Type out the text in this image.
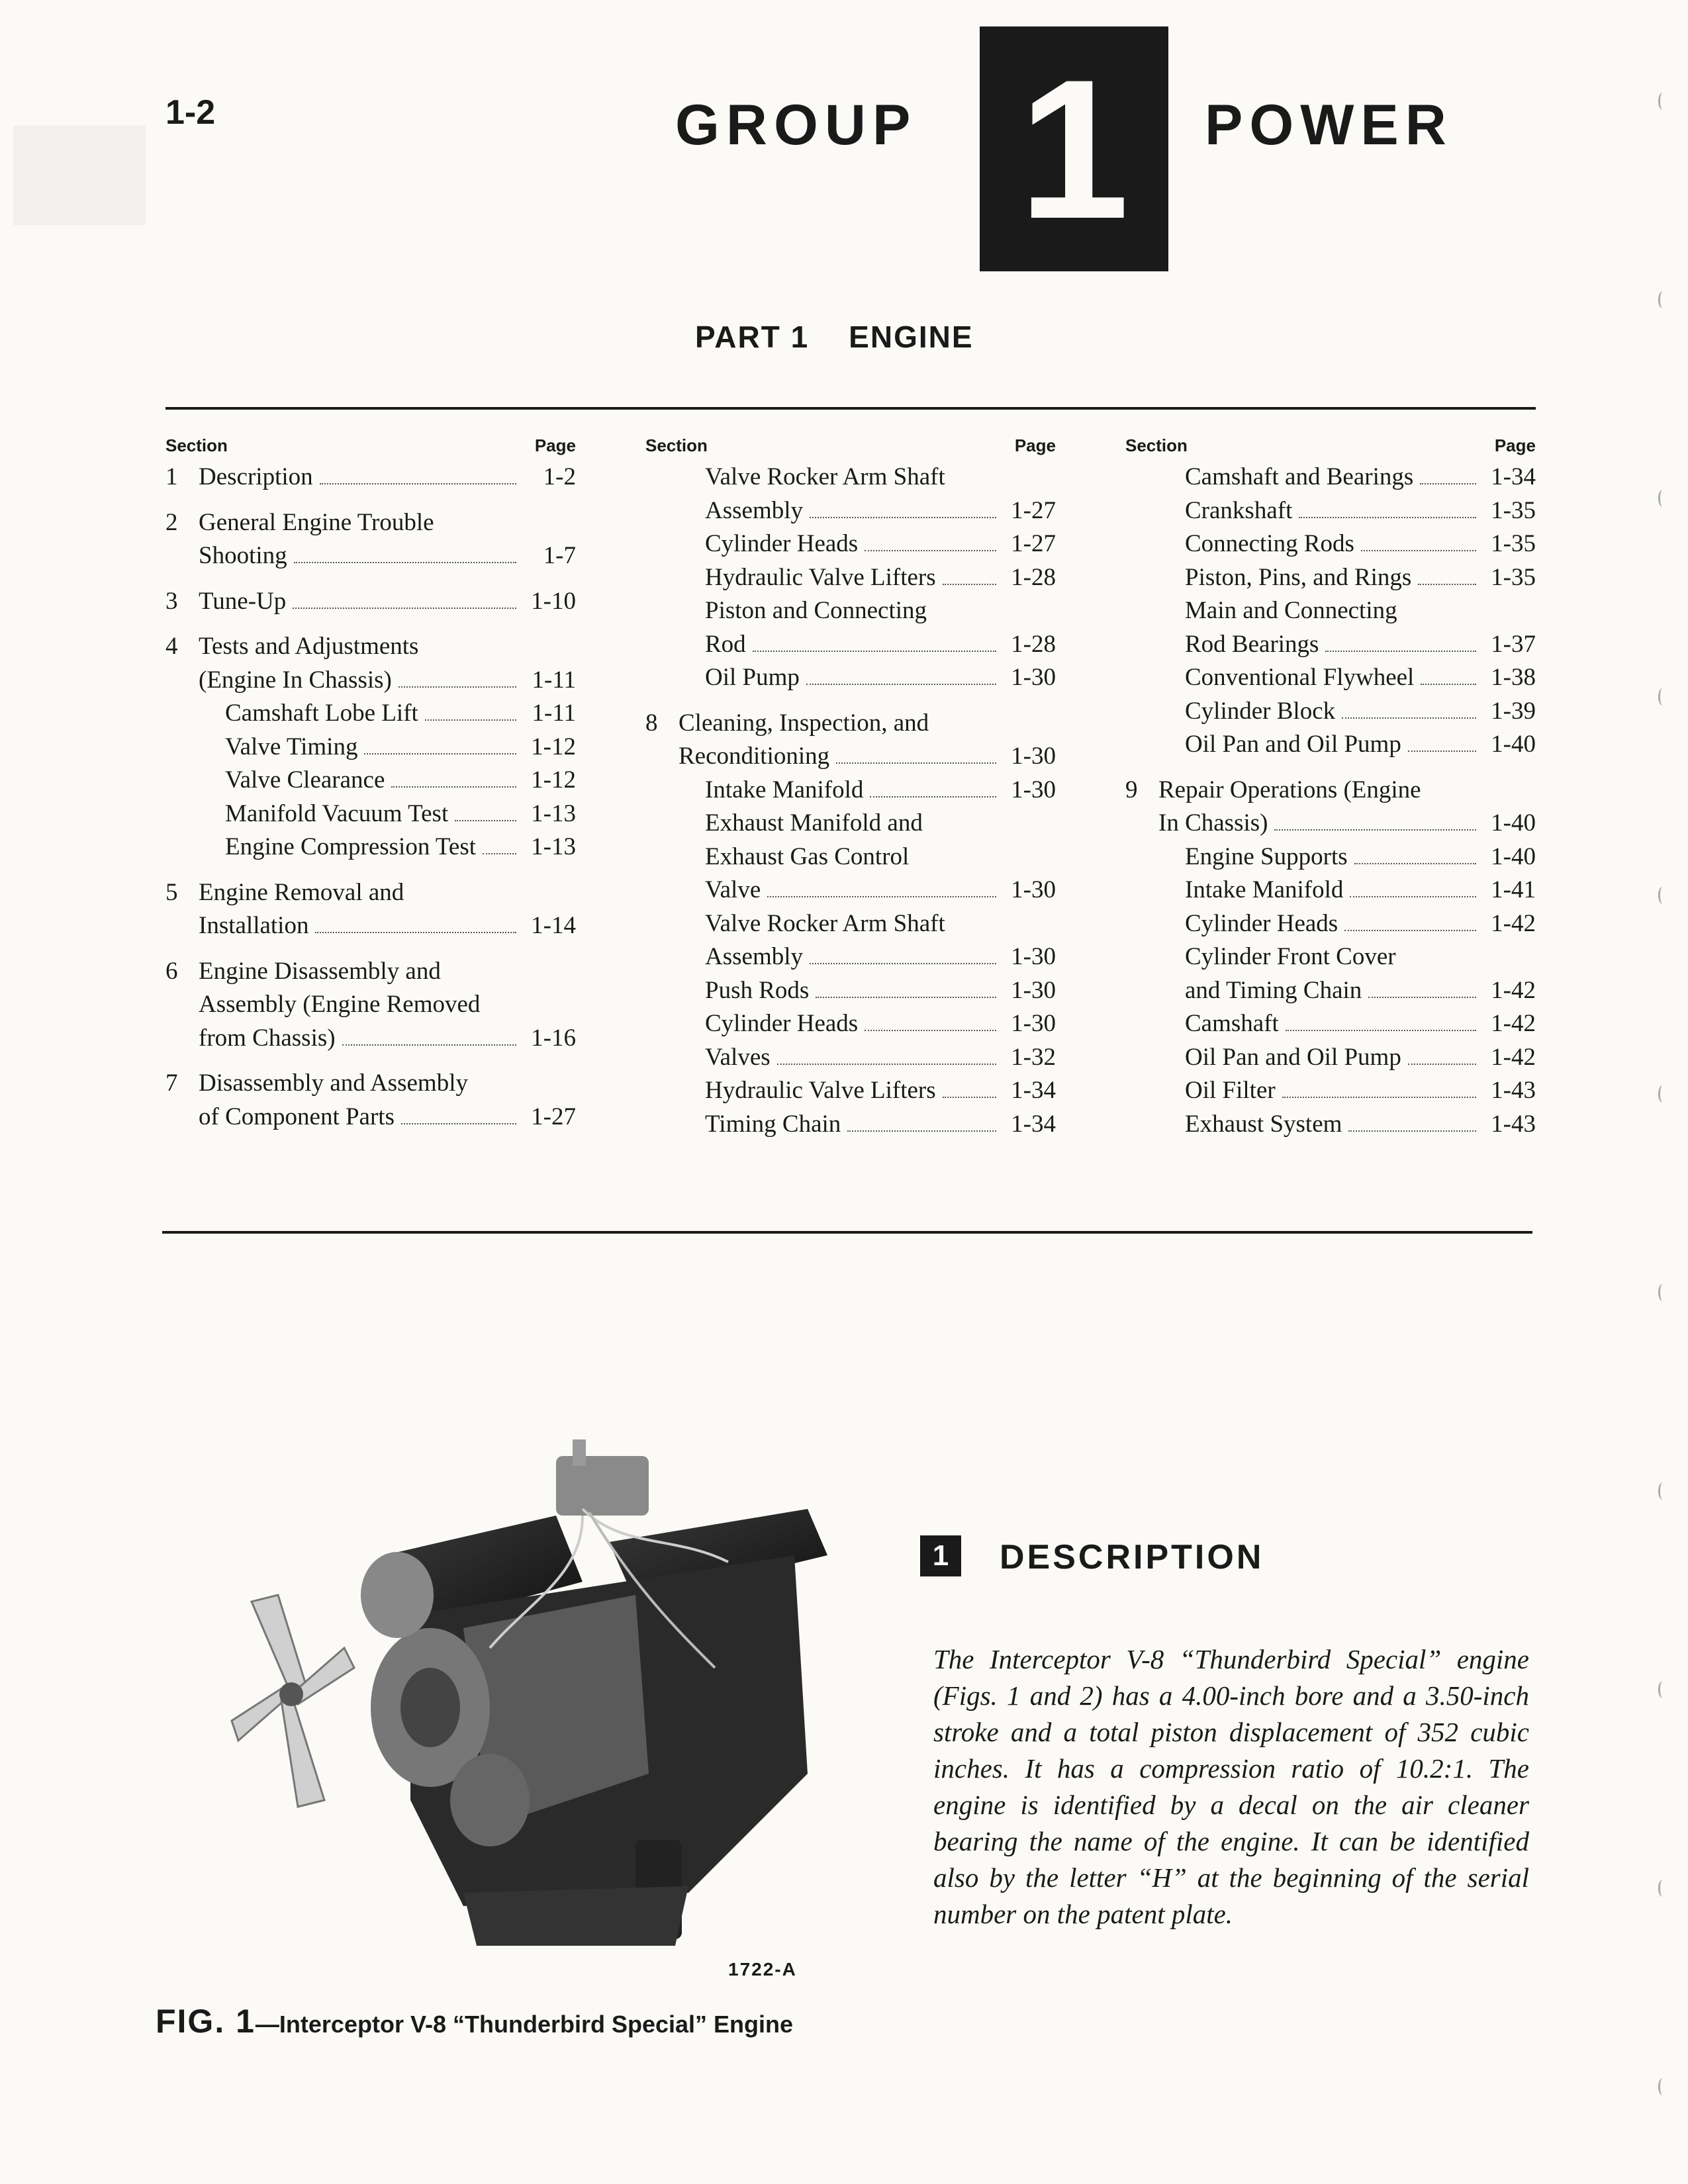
1-2	GROUP 1 POWER
PART 1 ENGINE
Section	Page
1 Description	1-2
2 General Engine Trouble
Shooting	1-7
3 Tune-Up	1-10
4 Tests and Adjustments
(Engine In Chassis)	1-11
Camshaft Lobe Lift	1-11
Valve Timing	1-12
Valve Clearance	1-12
Manifold Vacuum Test	1-13
Engine Compression Test	1-13
5 Engine Removal and
Installation	1-14
6 Engine Disassembly and
Assembly (Engine Removed
from Chassis)	1-16
7 Disassembly and Assembly
of Component Parts	1-27
Section	Page
Valve Rocker Arm Shaft
Assembly	1-27
Cylinder Heads	1-27
Hydraulic Valve Lifters	1-28
Piston and Connecting
Rod	1-28
Oil Pump	1-30
8 Cleaning, Inspection, and
Reconditioning	1-30
Intake Manifold	1-30
Exhaust Manifold and
Exhaust Gas Control
Valve	1-30
Valve Rocker Arm Shaft
Assembly	1-30
Push Rods	1-30
Cylinder Heads	1-30
Valves	1-32
Hydraulic Valve Lifters	1-34
Timing Chain	1-34
Section	Page
Camshaft and Bearings	1-34
Crankshaft	1-35
Connecting Rods	1-35
Piston, Pins, and Rings	1-35
Main and Connecting
Rod Bearings	1-37
Conventional Flywheel	1-38
Cylinder Block	1-39
Oil Pan and Oil Pump	1-40
9 Repair Operations (Engine
In Chassis)	1-40
Engine Supports	1-40
Intake Manifold	1-41
Cylinder Heads	1-42
Cylinder Front Cover
and Timing Chain	1-42
Camshaft	1-42
Oil Pan and Oil Pump	1-42
Oil Filter	1-43
Exhaust System	1-43
1722-A
FIG. 1—Interceptor V-8 “Thunderbird Special” Engine
1	DESCRIPTION
The Interceptor V-8 “Thunderbird Special” engine (Figs. 1 and 2) has a 4.00-inch bore and a 3.50-inch stroke and a total piston displacement of 352 cubic inches. It has a compression ratio of 10.2:1. The engine is identified by a decal on the air cleaner bearing the name of the engine. It can be identified also by the letter “H” at the beginning of the serial number on the patent plate.
